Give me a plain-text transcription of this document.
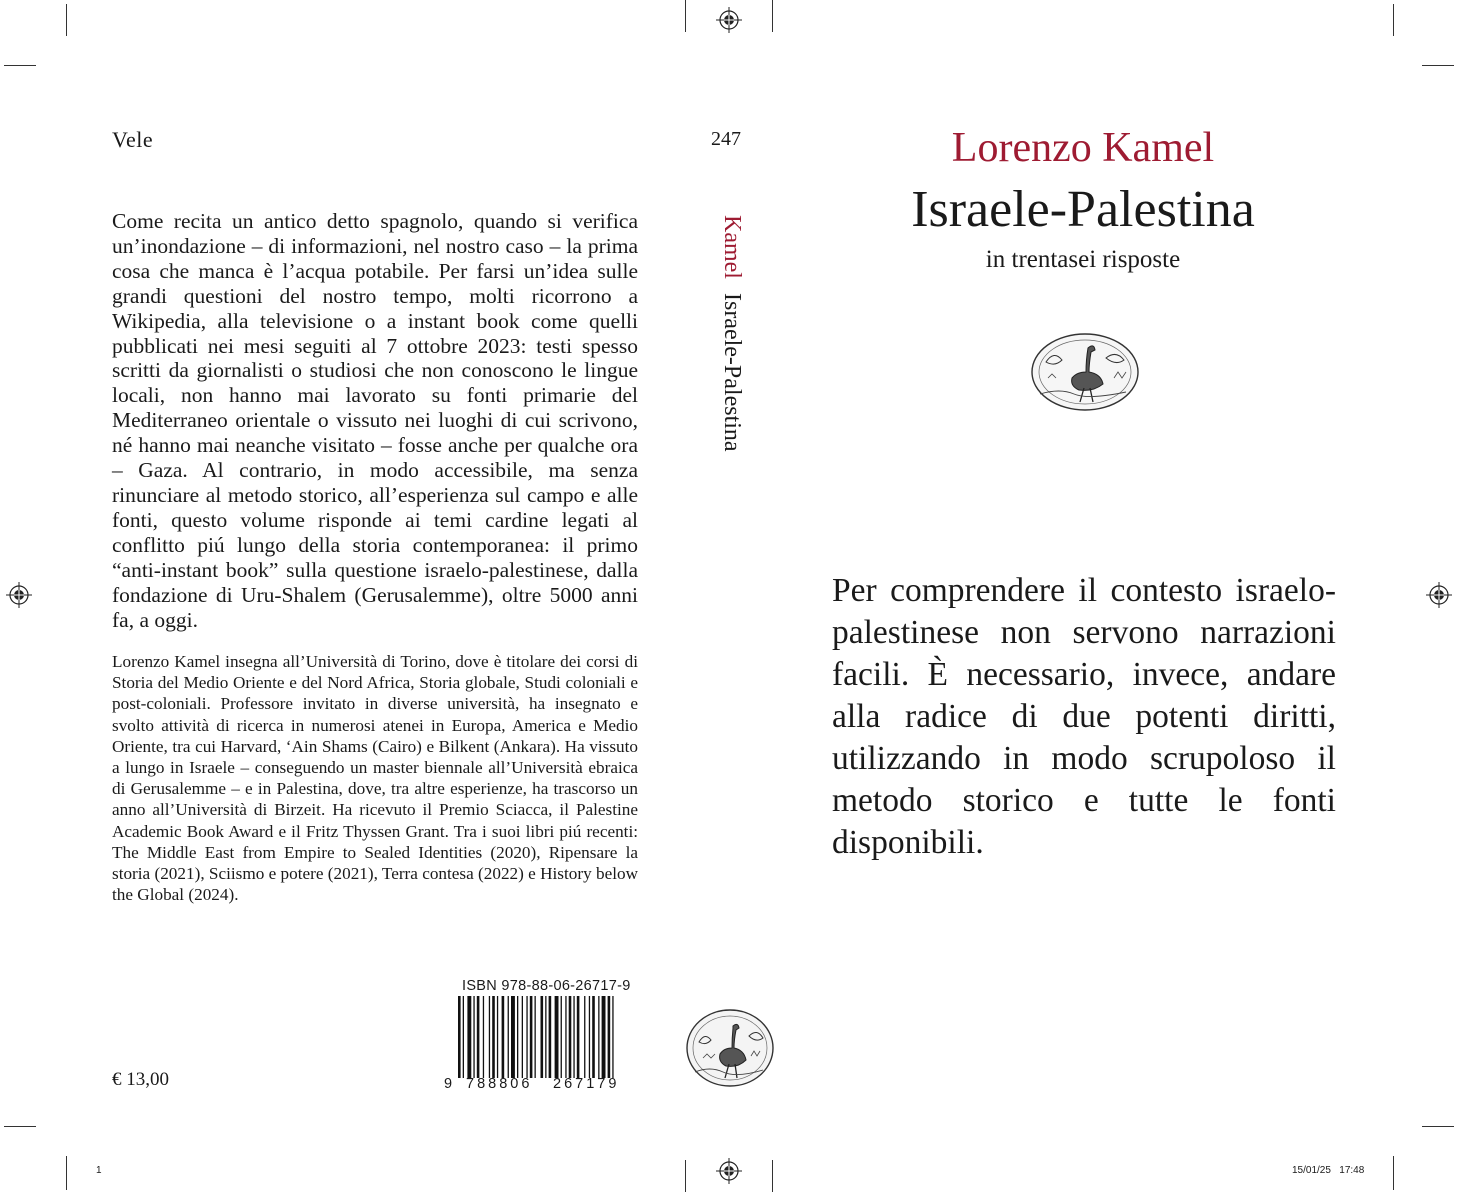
Vele

Come recita un antico detto spagnolo, quando si verifica un’inondazione – di informazioni, nel nostro caso – la prima cosa che manca è l’acqua potabile. Per farsi un’idea sulle grandi questioni del nostro tempo, molti ricorrono a Wikipedia, alla televisione o a instant book come quelli pubblicati nei mesi seguiti al 7 ottobre 2023: testi spesso scritti da giornalisti o studiosi che non conoscono le lingue locali, non hanno mai lavorato su fonti primarie del Mediterraneo orientale o vissuto nei luoghi di cui scrivono, né hanno mai neanche visitato – fosse anche per qualche ora – Gaza. Al contrario, in modo accessibile, ma senza rinunciare al metodo storico, all’esperienza sul campo e alle fonti, questo volume risponde ai temi cardine legati al conflitto piú lungo della storia contemporanea: il primo “anti-instant book” sulla questione israelo-palestinese, dalla fondazione di Uru-Shalem (Gerusalemme), oltre 5000 anni fa, a oggi.

Lorenzo Kamel insegna all’Università di Torino, dove è titolare dei corsi di Storia del Medio Oriente e del Nord Africa, Storia globale, Studi coloniali e post-coloniali. Professore invitato in diverse università, ha insegnato e svolto attività di ricerca in numerosi atenei in Europa, America e Medio Oriente, tra cui Harvard, ‘Ain Shams (Cairo) e Bilkent (Ankara). Ha vissuto a lungo in Israele – conseguendo un master biennale all’Università ebraica di Gerusalemme – e in Palestina, dove, tra altre esperienze, ha trascorso un anno all’Università di Birzeit. Ha ricevuto il Premio Sciacca, il Palestine Academic Book Award e il Fritz Thyssen Grant. Tra i suoi libri piú recenti: The Middle East from Empire to Sealed Identities (2020), Ripensare la storia (2021), Sciismo e potere (2021), Terra contesa (2022) e History below the Global (2024).

ISBN 978-88-06-26717-9
9 788806 267179
€ 13,00
247
KamelIsraele-Palestina
Lorenzo Kamel
Israele-Palestina
in trentasei risposte

Per comprendere il contesto israelo-palestinese non servono narrazioni facili. È necessario, invece, andare alla radice di due potenti diritti, utilizzando in modo scrupoloso il metodo storico e tutte le fonti disponibili.

1	15/01/25   17:48
